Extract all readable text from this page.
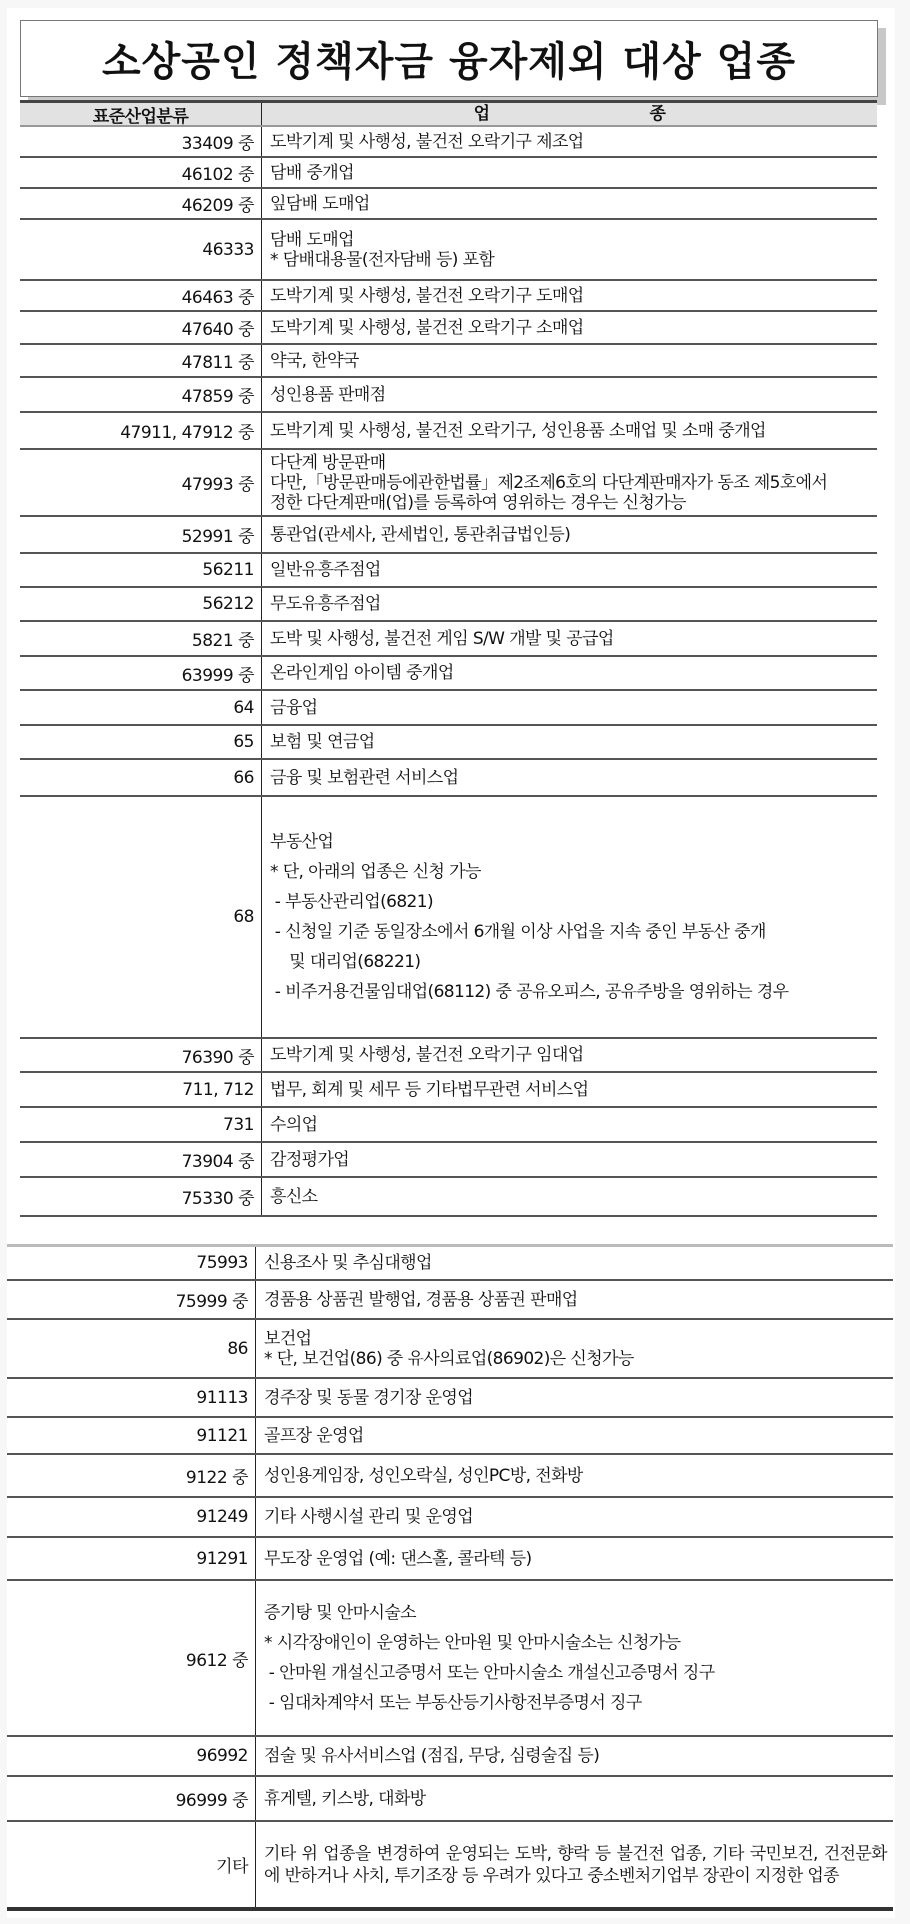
소상공인 정책자금 융자제외 대상 업종
표준산업분류	업	종
33409 중 도박기계 및 사행성, 불건전 오락기구 제조업
46102 중 담배 중개업
46209 중 잎담배 도매업
46333 담배 도매업
* 담배대용물(전자담배 등) 포함
46463 중 도박기계 및 사행성, 불건전 오락기구 도매업
47640 중 도박기계 및 사행성, 불건전 오락기구 소매업
47811 중 약국, 한약국
47859 중 성인용품 판매점
47911, 47912 중 도박기계 및 사행성, 불건전 오락기구, 성인용품 소매업 및 소매 중개업
47993 중
다단계 방문판매
다만,「방문판매등에관한법률」제2조제6호의 다단계판매자가 동조 제5호에서
정한 다단계판매(업)를 등록하여 영위하는 경우는 신청가능
52991 중 통관업(관세사, 관세법인, 통관취급법인등)
56211 일반유흥주점업
56212 무도유흥주점업
5821 중 도박 및 사행성, 불건전 게임 S/W 개발 및 공급업
63999 중 온라인게임 아이템 중개업
64 금융업
65 보험 및 연금업
66 금융 및 보험관련 서비스업
68
부동산업
* 단, 아래의 업종은 신청 가능
- 부동산관리업(6821)
- 신청일 기준 동일장소에서 6개월 이상 사업을 지속 중인 부동산 중개
및 대리업(68221)
- 비주거용건물임대업(68112) 중 공유오피스, 공유주방을 영위하는 경우
76390 중 도박기계 및 사행성, 불건전 오락기구 임대업
711, 712 법무, 회계 및 세무 등 기타법무관련 서비스업
731 수의업
73904 중 감정평가업
75330 중 흥신소
75993 신용조사 및 추심대행업
75999 중 경품용 상품권 발행업, 경품용 상품권 판매업
86 보건업
* 단, 보건업(86) 중 유사의료업(86902)은 신청가능
91113 경주장 및 동물 경기장 운영업
91121 골프장 운영업
9122 중 성인용게임장, 성인오락실, 성인PC방, 전화방
91249 기타 사행시설 관리 및 운영업
91291 무도장 운영업 (예: 댄스홀, 콜라텍 등)
9612 중
증기탕 및 안마시술소
* 시각장애인이 운영하는 안마원 및 안마시술소는 신청가능
- 안마원 개설신고증명서 또는 안마시술소 개설신고증명서 징구
- 임대차계약서 또는 부동산등기사항전부증명서 징구
96992 점술 및 유사서비스업 (점집, 무당, 심령술집 등)
96999 중 휴게텔, 키스방, 대화방
기타
기타 위 업종을 변경하여 운영되는 도박, 향락 등 불건전 업종, 기타 국민보건, 건전문화에 반하거나 사치, 투기조장 등 우려가 있다고 중소벤처기업부 장관이 지정한 업종
